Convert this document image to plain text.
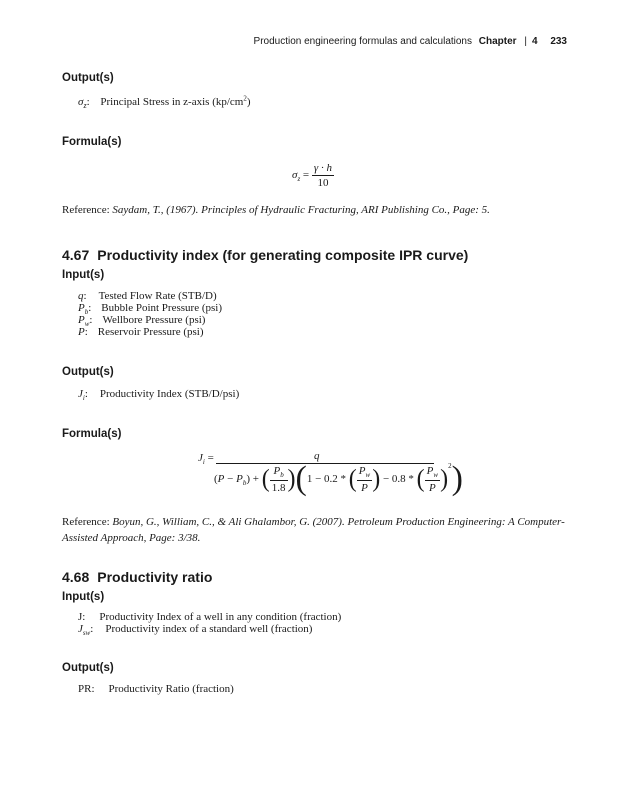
Production engineering formulas and calculations Chapter | 4 233
Output(s)
$\sigma_z$: Principal Stress in z-axis $(kp/cm^2)$
Formula(s)
$\sigma_z = \frac{\gamma \cdot h}{10}$
Reference: Saydam, T., (1967). Principles of Hydraulic Fracturing, ARI Publishing Co., Page: 5.
4.67 Productivity index (for generating composite IPR curve)
Input(s)
q: Tested Flow Rate (STB/D)
$P_b$: Bubble Point Pressure (psi)
$P_w$: Wellbore Pressure (psi)
P: Reservoir Pressure (psi)
Output(s)
$J_i$: Productivity Index (STB/D/psi)
Formula(s)
$J_i$ =	q
$(P - P_b)$ + ( $\frac{P_b}{1.8} )(1 - 0.2$ * ( $\frac{P_w}{P}$ ) − 0.8 * ( $\frac{P_w}{P} )^2$)
Reference: Boyun, G., William, C., & Ali Ghalambor, G. (2007). Petroleum Production Engineering: A Computer-Assisted Approach, Page: 3/38.
4.68 Productivity ratio
Input(s)
J: Productivity Index of a well in any condition (fraction)
$J_{sw}$: Productivity index of a standard well (fraction)
Output(s)
PR: Productivity Ratio (fraction)
